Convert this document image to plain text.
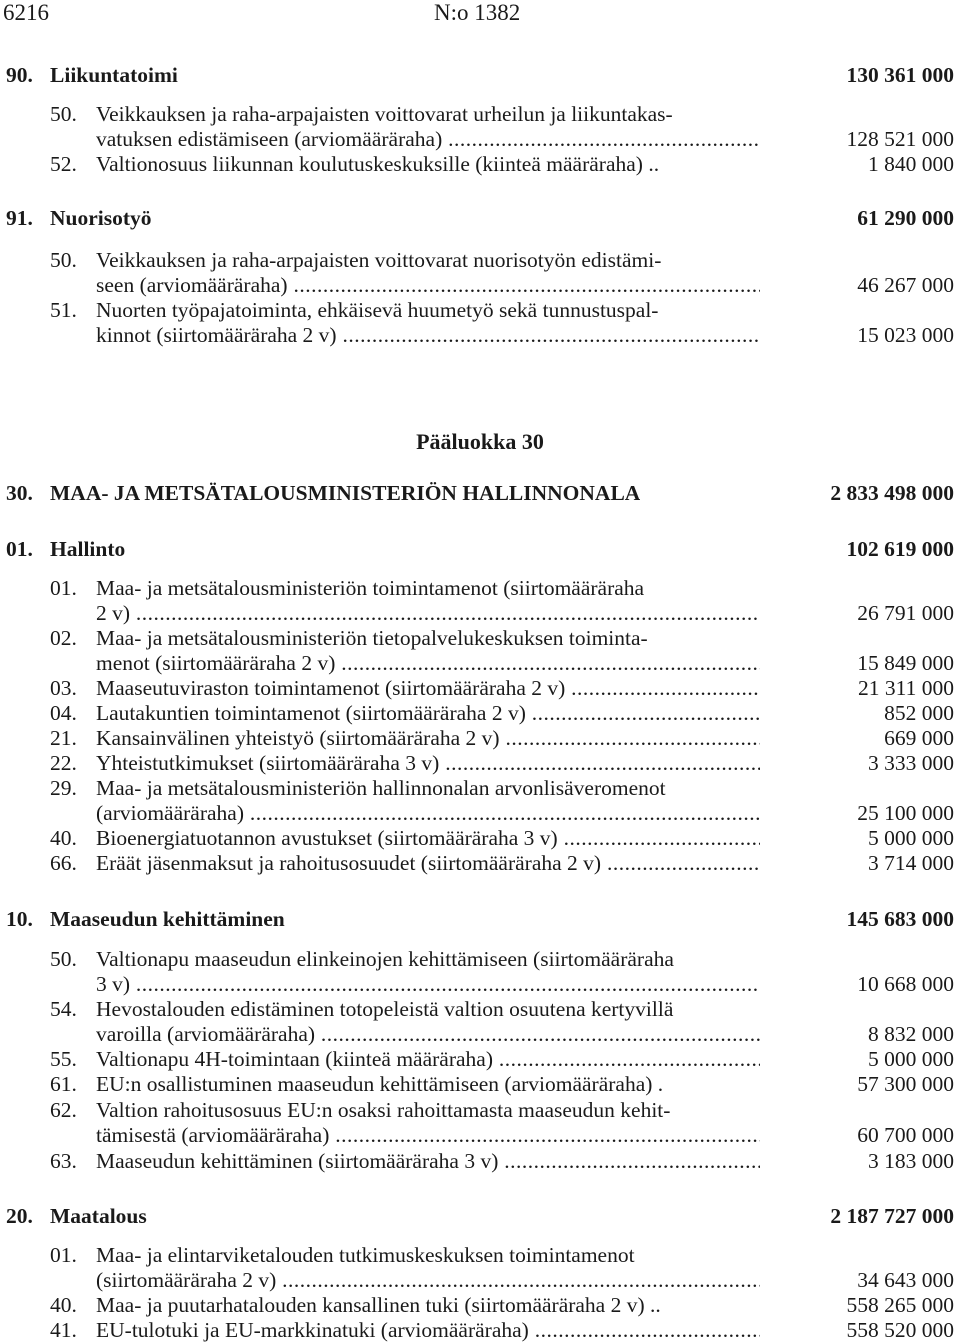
6216	N:o 1382
90. Liikuntatoimi	130 361 000
50. Veikkauksen ja raha-arpajaisten voittovarat urheilun ja liikuntakas-
vatuksen edistämiseen (arviomääräraha) .....	128 521 000
52. Valtionosuus liikunnan koulutuskeskuksille (kiinteä määräraha) ..	1 840 000
91. Nuorisotyö	61 290 000
50. Veikkauksen ja raha-arpajaisten voittovarat nuorisotyön edistämi-
seen (arviomääräraha) .....	46 267 000
51. Nuorten työpajatoiminta, ehkäisevä huumetyö sekä tunnustuspal-
kinnot (siirtomääräraha 2 v) .....	15 023 000
Pääluokka 30
30. MAA- JA METSÄTALOUSMINISTERIÖN HALLINNONALA	2 833 498 000
01. Hallinto	102 619 000
01. Maa- ja metsätalousministeriön toimintamenot (siirtomääräraha
2 v) .....	26 791 000
02. Maa- ja metsätalousministeriön tietopalvelukeskuksen toiminta-
menot (siirtomääräraha 2 v) .....	15 849 000
03. Maaseutuviraston toimintamenot (siirtomääräraha 2 v) .....	21 311 000
04. Lautakuntien toimintamenot (siirtomääräraha 2 v) .....	852 000
21. Kansainvälinen yhteistyö (siirtomääräraha 2 v) .....	669 000
22. Yhteistutkimukset (siirtomääräraha 3 v) .....	3 333 000
29. Maa- ja metsätalousministeriön hallinnonalan arvonlisäveromenot
(arviomääräraha) .....	25 100 000
40. Bioenergiatuotannon avustukset (siirtomääräraha 3 v) .....	5 000 000
66. Eräät jäsenmaksut ja rahoitusosuudet (siirtomääräraha 2 v) .....	3 714 000
10. Maaseudun kehittäminen	145 683 000
50. Valtionapu maaseudun elinkeinojen kehittämiseen (siirtomääräraha
3 v) .....	10 668 000
54. Hevostalouden edistäminen totopeleistä valtion osuutena kertyvillä
varoilla (arviomääräraha) .....	8 832 000
55. Valtionapu 4H-toimintaan (kiinteä määräraha) .....	5 000 000
61. EU:n osallistuminen maaseudun kehittämiseen (arviomääräraha) .	57 300 000
62. Valtion rahoitusosuus EU:n osaksi rahoittamasta maaseudun kehit-
tämisestä (arviomääräraha) .....	60 700 000
63. Maaseudun kehittäminen (siirtomääräraha 3 v) .....	3 183 000
20. Maatalous	2 187 727 000
01. Maa- ja elintarviketalouden tutkimuskeskuksen toimintamenot
(siirtomääräraha 2 v) .....	34 643 000
40. Maa- ja puutarhatalouden kansallinen tuki (siirtomääräraha 2 v) ..	558 265 000
41. EU-tulotuki ja EU-markkinatuki (arviomääräraha) .....	558 520 000
